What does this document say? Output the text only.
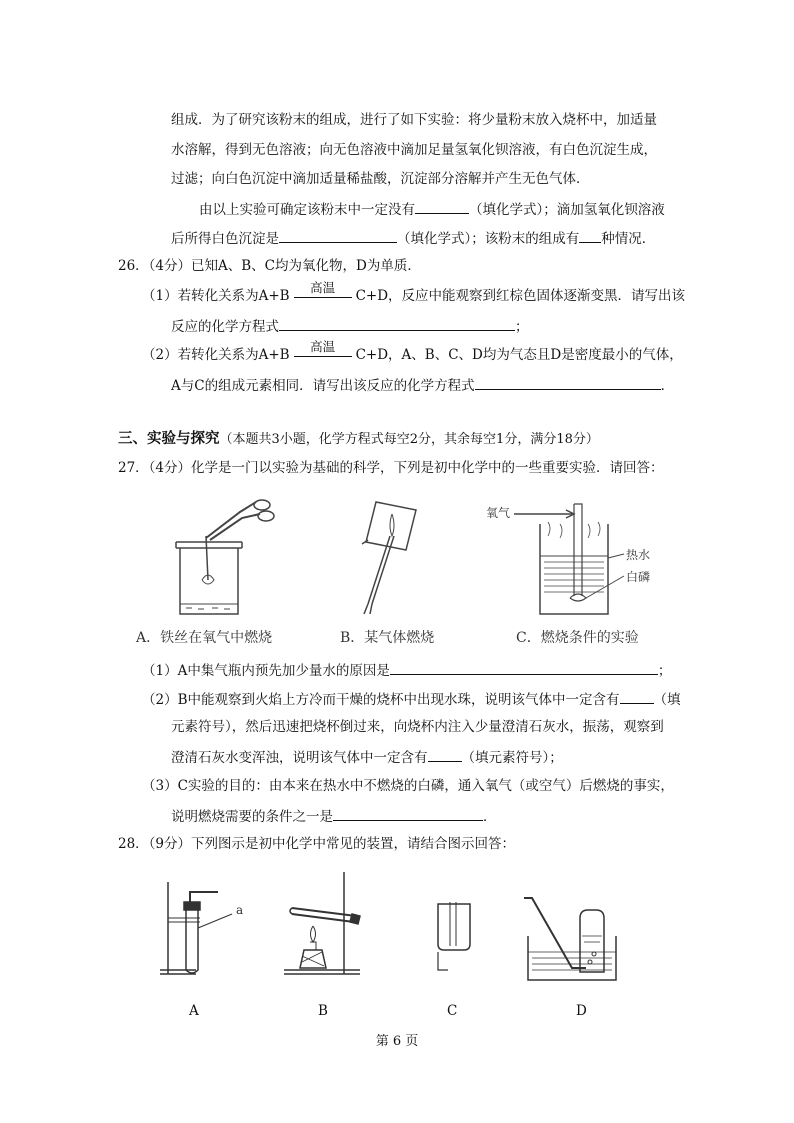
组成．为了研究该粉末的组成，进行了如下实验：将少量粉末放入烧杯中，加适量
水溶解，得到无色溶液；向无色溶液中滴加足量氢氧化钡溶液，有白色沉淀生成，
过滤；向白色沉淀中滴加适量稀盐酸，沉淀部分溶解并产生无色气体．
由以上实验可确定该粉末中一定没有	（填化学式）；滴加氢氧化钡溶液
后所得白色沉淀是	（填化学式）；该粉末的组成有 种情况．
26．（4分）已知A、B、C均为氧化物，D为单质．
（1）若转化关系为A+B
高温
C+D，反应中能观察到红棕色固体逐渐变黑．请写出该
反应的化学方程式	；
（2）若转化关系为A+B
高温
C+D，A、B、C、D均为气态且D是密度最小的气体，
A与C的组成元素相同．请写出该反应的化学方程式	．
三、实验与探究（本题共3小题，化学方程式每空2分，其余每空1分，满分18分）
27．（4分）化学是一门以实验为基础的科学，下列是初中化学中的一些重要实验．请回答：
A．铁丝在氧气中燃烧	B．某气体燃烧
氧气
热水
白磷
C．燃烧条件的实验
（1）A中集气瓶内预先加少量水的原因是	；
（2）B中能观察到火焰上方冷而干燥的烧杯中出现水珠，说明该气体中一定含有	（填
元素符号），然后迅速把烧杯倒过来，向烧杯内注入少量澄清石灰水，振荡，观察到
澄清石灰水变浑浊，说明该气体中一定含有	（填元素符号）；
（3）C实验的目的：由本来在热水中不燃烧的白磷，通入氧气（或空气）后燃烧的事实，
说明燃烧需要的条件之一是	．
28．（9分）下列图示是初中化学中常见的装置，请结合图示回答：
a
A	B	C	D
第 6 页
